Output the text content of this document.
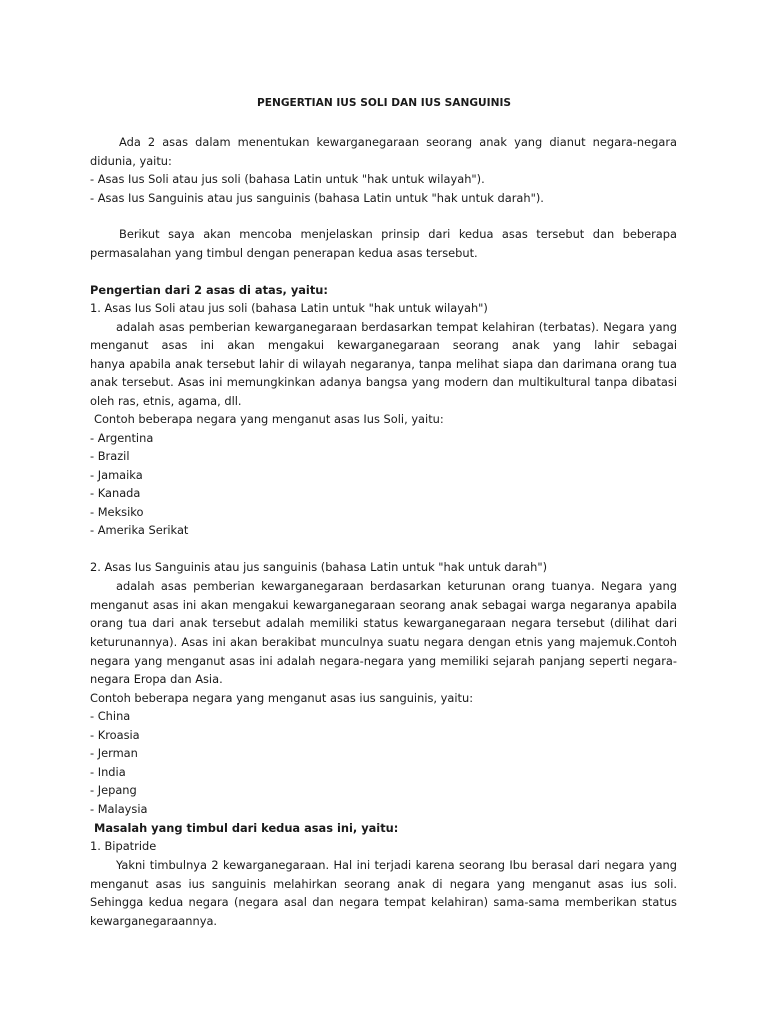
PENGERTIAN IUS SOLI DAN IUS SANGUINIS

Ada 2 asas dalam menentukan kewarganegaraan seorang anak yang dianut negara-negara

didunia, yaitu:

- Asas Ius Soli atau jus soli (bahasa Latin untuk "hak untuk wilayah").

- Asas Ius Sanguinis atau jus sanguinis (bahasa Latin untuk "hak untuk darah").

Berikut saya akan mencoba menjelaskan prinsip dari kedua asas tersebut dan beberapa

permasalahan yang timbul dengan penerapan kedua asas tersebut.

Pengertian dari 2 asas di atas, yaitu:

1. Asas Ius Soli atau jus soli (bahasa Latin untuk "hak untuk wilayah")

adalah asas pemberian kewarganegaraan berdasarkan tempat kelahiran (terbatas). Negara yang

menganut asas ini akan mengakui kewarganegaraan seorang anak yang lahir sebagai

hanya apabila anak tersebut lahir di wilayah negaranya, tanpa melihat siapa dan darimana orang tua

anak tersebut. Asas ini memungkinkan adanya bangsa yang modern dan multikultural tanpa dibatasi

oleh ras, etnis, agama, dll.

Contoh beberapa negara yang menganut asas Ius Soli, yaitu:

- Argentina

- Brazil

- Jamaika

- Kanada

- Meksiko

- Amerika Serikat

2. Asas Ius Sanguinis atau jus sanguinis (bahasa Latin untuk "hak untuk darah")

adalah asas pemberian kewarganegaraan berdasarkan keturunan orang tuanya. Negara yang

menganut asas ini akan mengakui kewarganegaraan seorang anak sebagai warga negaranya apabila

orang tua dari anak tersebut adalah memiliki status kewarganegaraan negara tersebut (dilihat dari

keturunannya). Asas ini akan berakibat munculnya suatu negara dengan etnis yang majemuk.Contoh

negara yang menganut asas ini adalah negara-negara yang memiliki sejarah panjang seperti negara-

negara Eropa dan Asia.

Contoh beberapa negara yang menganut asas ius sanguinis, yaitu:

- China

- Kroasia

- Jerman

- India

- Jepang

- Malaysia

Masalah yang timbul dari kedua asas ini, yaitu:

1. Bipatride

Yakni timbulnya 2 kewarganegaraan. Hal ini terjadi karena seorang Ibu berasal dari negara yang

menganut asas ius sanguinis melahirkan seorang anak di negara yang menganut asas ius soli.

Sehingga kedua negara (negara asal dan negara tempat kelahiran) sama-sama memberikan status

kewarganegaraannya.
